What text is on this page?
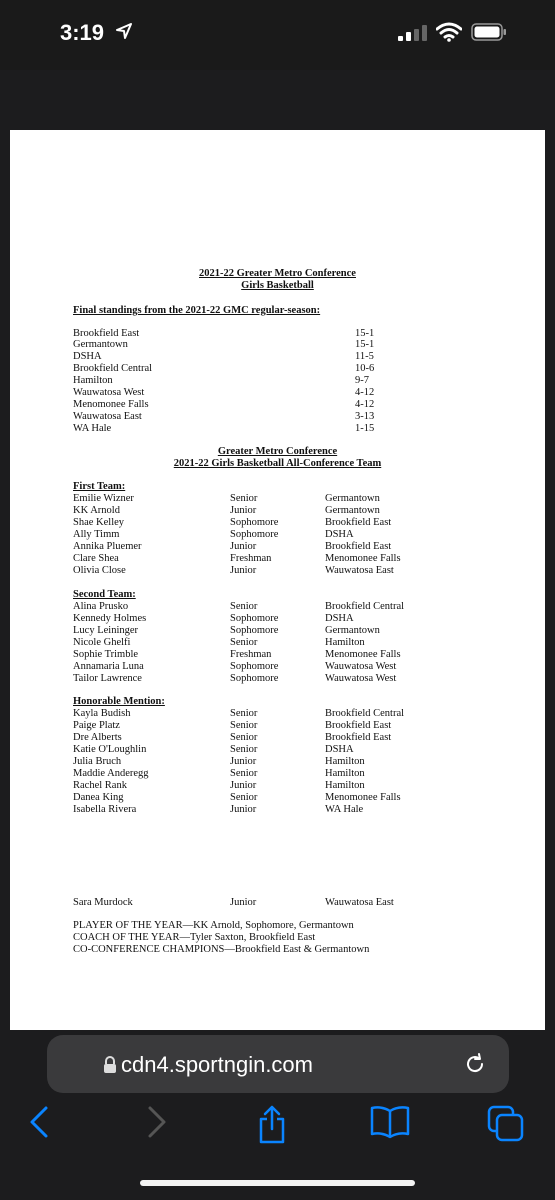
3:19
2021-22 Greater Metro Conference
Girls Basketball
Final standings from the 2021-22 GMC regular-season:
Brookfield East	15-1
Germantown	15-1
DSHA	11-5
Brookfield Central	10-6
Hamilton	9-7
Wauwatosa West	4-12
Menomonee Falls	4-12
Wauwatosa East	3-13
WA Hale	1-15
Greater Metro Conference
2021-22 Girls Basketball All-Conference Team
First Team:
Emilie Wizner	Senior	Germantown
KK Arnold	Junior	Germantown
Shae Kelley	Sophomore	Brookfield East
Ally Timm	Sophomore	DSHA
Annika Pluemer	Junior	Brookfield East
Clare Shea	Freshman	Menomonee Falls
Olivia Close	Junior	Wauwatosa East
Second Team:
Alina Prusko	Senior	Brookfield Central
Kennedy Holmes	Sophomore	DSHA
Lucy Leininger	Sophomore	Germantown
Nicole Ghelfi	Senior	Hamilton
Sophie Trimble	Freshman	Menomonee Falls
Annamaria Luna	Sophomore	Wauwatosa West
Tailor Lawrence	Sophomore	Wauwatosa West
Honorable Mention:
Kayla Budish	Senior	Brookfield Central
Paige Platz	Senior	Brookfield East
Dre Alberts	Senior	Brookfield East
Katie O'Loughlin	Senior	DSHA
Julia Bruch	Junior	Hamilton
Maddie Anderegg	Senior	Hamilton
Rachel Rank	Junior	Hamilton
Danea King	Senior	Menomonee Falls
Isabella Rivera	Junior	WA Hale
Sara Murdock	Junior	Wauwatosa East
PLAYER OF THE YEAR—KK Arnold, Sophomore, Germantown
COACH OF THE YEAR—Tyler Saxton, Brookfield East
CO-CONFERENCE CHAMPIONS—Brookfield East & Germantown
cdn4.sportngin.com
